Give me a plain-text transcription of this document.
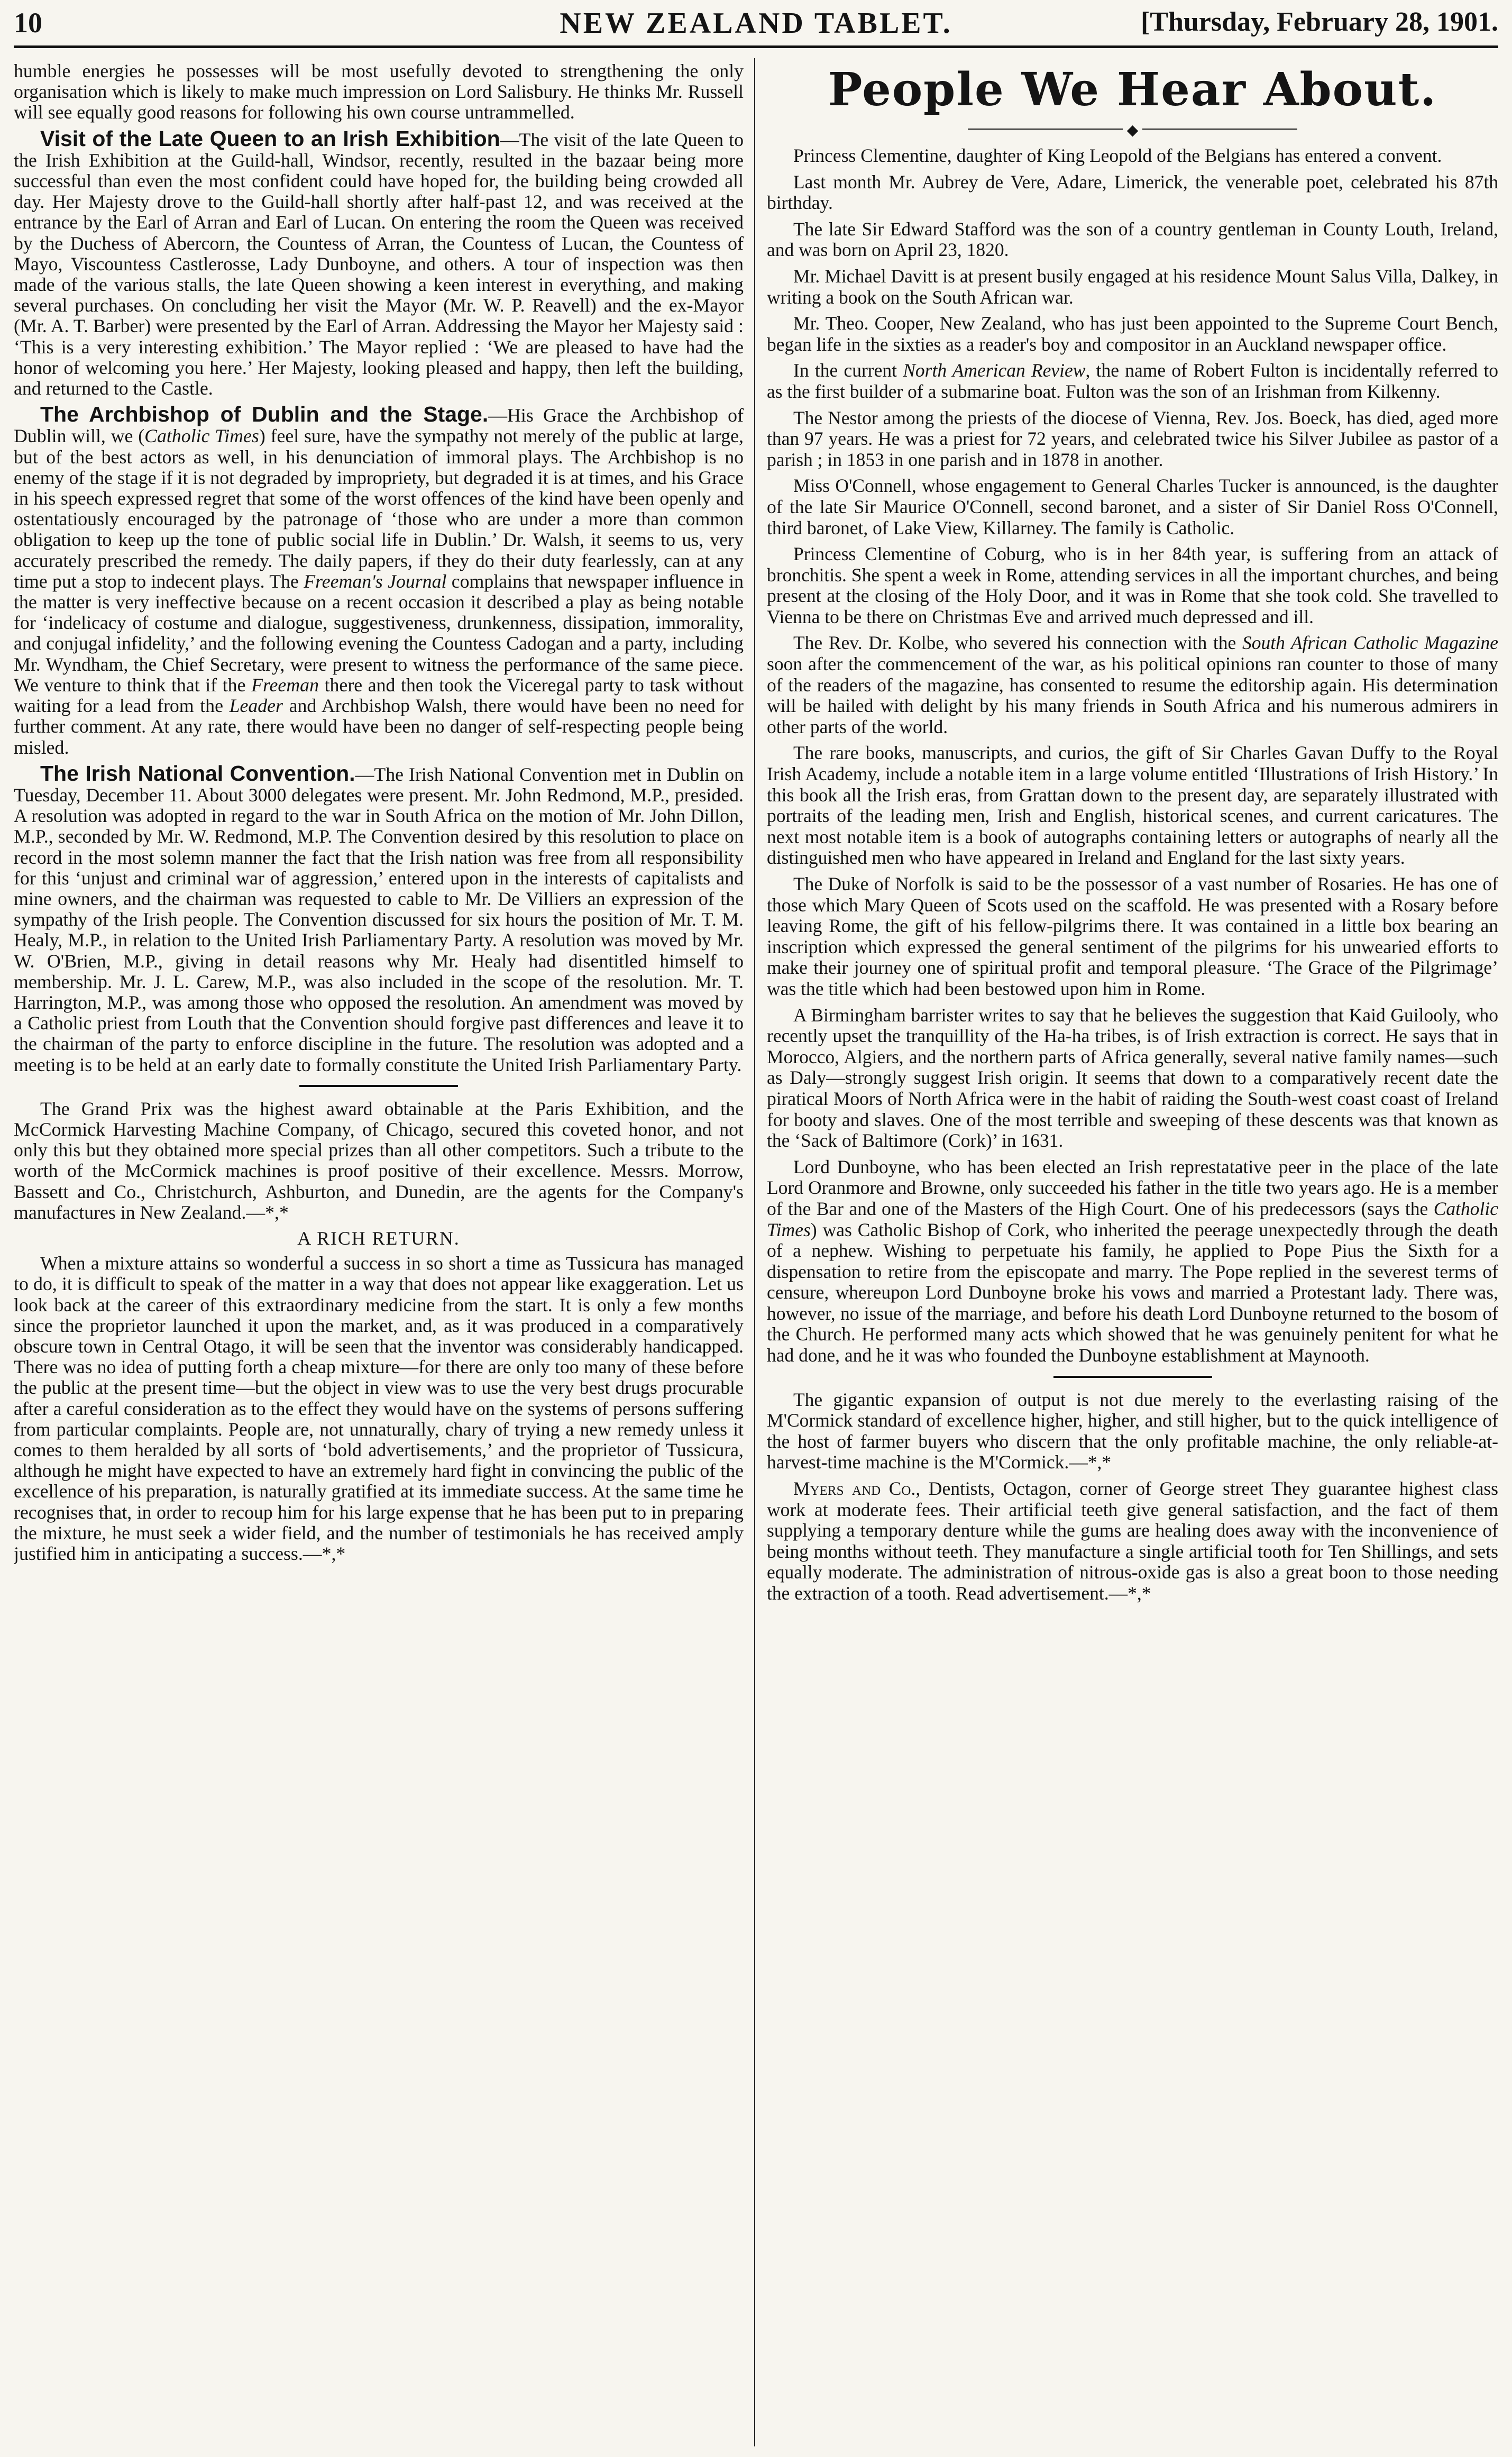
10	NEW ZEALAND TABLET.	[Thursday, February 28, 1901.

humble energies he possesses will be most usefully devoted to strengthening the only organisation which is likely to make much impression on Lord Salisbury. He thinks Mr. Russell will see equally good reasons for following his own course untrammelled.

Visit of the Late Queen to an Irish Exhibition—The visit of the late Queen to the Irish Exhibition at the Guild-hall, Windsor, recently, resulted in the bazaar being more successful than even the most confident could have hoped for, the building being crowded all day. Her Majesty drove to the Guild-hall shortly after half-past 12, and was received at the entrance by the Earl of Arran and Earl of Lucan. On entering the room the Queen was received by the Duchess of Abercorn, the Countess of Arran, the Countess of Lucan, the Countess of Mayo, Viscountess Castlerosse, Lady Dunboyne, and others. A tour of inspection was then made of the various stalls, the late Queen showing a keen interest in everything, and making several purchases. On concluding her visit the Mayor (Mr. W. P. Reavell) and the ex-Mayor (Mr. A. T. Barber) were presented by the Earl of Arran. Addressing the Mayor her Majesty said : ‘This is a very interesting exhibition.’ The Mayor replied : ‘We are pleased to have had the honor of welcoming you here.’ Her Majesty, looking pleased and happy, then left the building, and returned to the Castle.

The Archbishop of Dublin and the Stage.—His Grace the Archbishop of Dublin will, we (Catholic Times) feel sure, have the sympathy not merely of the public at large, but of the best actors as well, in his denunciation of immoral plays. The Archbishop is no enemy of the stage if it is not degraded by impropriety, but degraded it is at times, and his Grace in his speech expressed regret that some of the worst offences of the kind have been openly and ostentatiously encouraged by the patronage of ‘those who are under a more than common obligation to keep up the tone of public social life in Dublin.’ Dr. Walsh, it seems to us, very accurately prescribed the remedy. The daily papers, if they do their duty fearlessly, can at any time put a stop to indecent plays. The Freeman's Journal complains that newspaper influence in the matter is very ineffective because on a recent occasion it described a play as being notable for ‘indelicacy of costume and dialogue, suggestiveness, drunkenness, dissipation, immorality, and conjugal infidelity,’ and the following evening the Countess Cadogan and a party, including Mr. Wyndham, the Chief Secretary, were present to witness the performance of the same piece. We venture to think that if the Freeman there and then took the Viceregal party to task without waiting for a lead from the Leader and Archbishop Walsh, there would have been no need for further comment. At any rate, there would have been no danger of self-respecting people being misled.

The Irish National Convention.—The Irish National Convention met in Dublin on Tuesday, December 11. About 3000 delegates were present. Mr. John Redmond, M.P., presided. A resolution was adopted in regard to the war in South Africa on the motion of Mr. John Dillon, M.P., seconded by Mr. W. Redmond, M.P. The Convention desired by this resolution to place on record in the most solemn manner the fact that the Irish nation was free from all responsibility for this ‘unjust and criminal war of aggression,’ entered upon in the interests of capitalists and mine owners, and the chairman was requested to cable to Mr. De Villiers an expression of the sympathy of the Irish people. The Convention discussed for six hours the position of Mr. T. M. Healy, M.P., in relation to the United Irish Parliamentary Party. A resolution was moved by Mr. W. O'Brien, M.P., giving in detail reasons why Mr. Healy had disentitled himself to membership. Mr. J. L. Carew, M.P., was also included in the scope of the resolution. Mr. T. Harrington, M.P., was among those who opposed the resolution. An amendment was moved by a Catholic priest from Louth that the Convention should forgive past differences and leave it to the chairman of the party to enforce discipline in the future. The resolution was adopted and a meeting is to be held at an early date to formally constitute the United Irish Parliamentary Party.

The Grand Prix was the highest award obtainable at the Paris Exhibition, and the McCormick Harvesting Machine Company, of Chicago, secured this coveted honor, and not only this but they obtained more special prizes than all other competitors. Such a tribute to the worth of the McCormick machines is proof positive of their excellence. Messrs. Morrow, Bassett and Co., Christchurch, Ashburton, and Dunedin, are the agents for the Company's manufactures in New Zealand.—*,*

A RICH RETURN.

When a mixture attains so wonderful a success in so short a time as Tussicura has managed to do, it is difficult to speak of the matter in a way that does not appear like exaggeration. Let us look back at the career of this extraordinary medicine from the start. It is only a few months since the proprietor launched it upon the market, and, as it was produced in a comparatively obscure town in Central Otago, it will be seen that the inventor was considerably handicapped. There was no idea of putting forth a cheap mixture—for there are only too many of these before the public at the present time—but the object in view was to use the very best drugs procurable after a careful consideration as to the effect they would have on the systems of persons suffering from particular complaints. People are, not unnaturally, chary of trying a new remedy unless it comes to them heralded by all sorts of ‘bold advertisements,’ and the proprietor of Tussicura, although he might have expected to have an extremely hard fight in convincing the public of the excellence of his preparation, is naturally gratified at its immediate success. At the same time he recognises that, in order to recoup him for his large expense that he has been put to in preparing the mixture, he must seek a wider field, and the number of testimonials he has received amply justified him in anticipating a success.—*,*

People We Hear About.
◆

Princess Clementine, daughter of King Leopold of the Belgians has entered a convent.

Last month Mr. Aubrey de Vere, Adare, Limerick, the venerable poet, celebrated his 87th birthday.

The late Sir Edward Stafford was the son of a country gentleman in County Louth, Ireland, and was born on April 23, 1820.

Mr. Michael Davitt is at present busily engaged at his residence Mount Salus Villa, Dalkey, in writing a book on the South African war.

Mr. Theo. Cooper, New Zealand, who has just been appointed to the Supreme Court Bench, began life in the sixties as a reader's boy and compositor in an Auckland newspaper office.

In the current North American Review, the name of Robert Fulton is incidentally referred to as the first builder of a submarine boat. Fulton was the son of an Irishman from Kilkenny.

The Nestor among the priests of the diocese of Vienna, Rev. Jos. Boeck, has died, aged more than 97 years. He was a priest for 72 years, and celebrated twice his Silver Jubilee as pastor of a parish ; in 1853 in one parish and in 1878 in another.

Miss O'Connell, whose engagement to General Charles Tucker is announced, is the daughter of the late Sir Maurice O'Connell, second baronet, and a sister of Sir Daniel Ross O'Connell, third baronet, of Lake View, Killarney. The family is Catholic.

Princess Clementine of Coburg, who is in her 84th year, is suffering from an attack of bronchitis. She spent a week in Rome, attending services in all the important churches, and being present at the closing of the Holy Door, and it was in Rome that she took cold. She travelled to Vienna to be there on Christmas Eve and arrived much depressed and ill.

The Rev. Dr. Kolbe, who severed his connection with the South African Catholic Magazine soon after the commencement of the war, as his political opinions ran counter to those of many of the readers of the magazine, has consented to resume the editorship again. His determination will be hailed with delight by his many friends in South Africa and his numerous admirers in other parts of the world.

The rare books, manuscripts, and curios, the gift of Sir Charles Gavan Duffy to the Royal Irish Academy, include a notable item in a large volume entitled ‘Illustrations of Irish History.’ In this book all the Irish eras, from Grattan down to the present day, are separately illustrated with portraits of the leading men, Irish and English, historical scenes, and current caricatures. The next most notable item is a book of autographs containing letters or autographs of nearly all the distinguished men who have appeared in Ireland and England for the last sixty years.

The Duke of Norfolk is said to be the possessor of a vast number of Rosaries. He has one of those which Mary Queen of Scots used on the scaffold. He was presented with a Rosary before leaving Rome, the gift of his fellow-pilgrims there. It was contained in a little box bearing an inscription which expressed the general sentiment of the pilgrims for his unwearied efforts to make their journey one of spiritual profit and temporal pleasure. ‘The Grace of the Pilgrimage’ was the title which had been bestowed upon him in Rome.

A Birmingham barrister writes to say that he believes the suggestion that Kaid Guilooly, who recently upset the tranquillity of the Ha-ha tribes, is of Irish extraction is correct. He says that in Morocco, Algiers, and the northern parts of Africa generally, several native family names—such as Daly—strongly suggest Irish origin. It seems that down to a comparatively recent date the piratical Moors of North Africa were in the habit of raiding the South-west coast coast of Ireland for booty and slaves. One of the most terrible and sweeping of these descents was that known as the ‘Sack of Baltimore (Cork)’ in 1631.

Lord Dunboyne, who has been elected an Irish represtatative peer in the place of the late Lord Oranmore and Browne, only succeeded his father in the title two years ago. He is a member of the Bar and one of the Masters of the High Court. One of his predecessors (says the Catholic Times) was Catholic Bishop of Cork, who inherited the peerage unexpectedly through the death of a nephew. Wishing to perpetuate his family, he applied to Pope Pius the Sixth for a dispensation to retire from the episcopate and marry. The Pope replied in the severest terms of censure, whereupon Lord Dunboyne broke his vows and married a Protestant lady. There was, however, no issue of the marriage, and before his death Lord Dunboyne returned to the bosom of the Church. He performed many acts which showed that he was genuinely penitent for what he had done, and he it was who founded the Dunboyne establishment at Maynooth.

The gigantic expansion of output is not due merely to the everlasting raising of the M'Cormick standard of excellence higher, higher, and still higher, but to the quick intelligence of the host of farmer buyers who discern that the only profitable machine, the only reliable-at-harvest-time machine is the M'Cormick.—*,*

Myers and Co., Dentists, Octagon, corner of George street They guarantee highest class work at moderate fees. Their artificial teeth give general satisfaction, and the fact of them supplying a temporary denture while the gums are healing does away with the inconvenience of being months without teeth. They manufacture a single artificial tooth for Ten Shillings, and sets equally moderate. The administration of nitrous-oxide gas is also a great boon to those needing the extraction of a tooth. Read advertisement.—*,*
